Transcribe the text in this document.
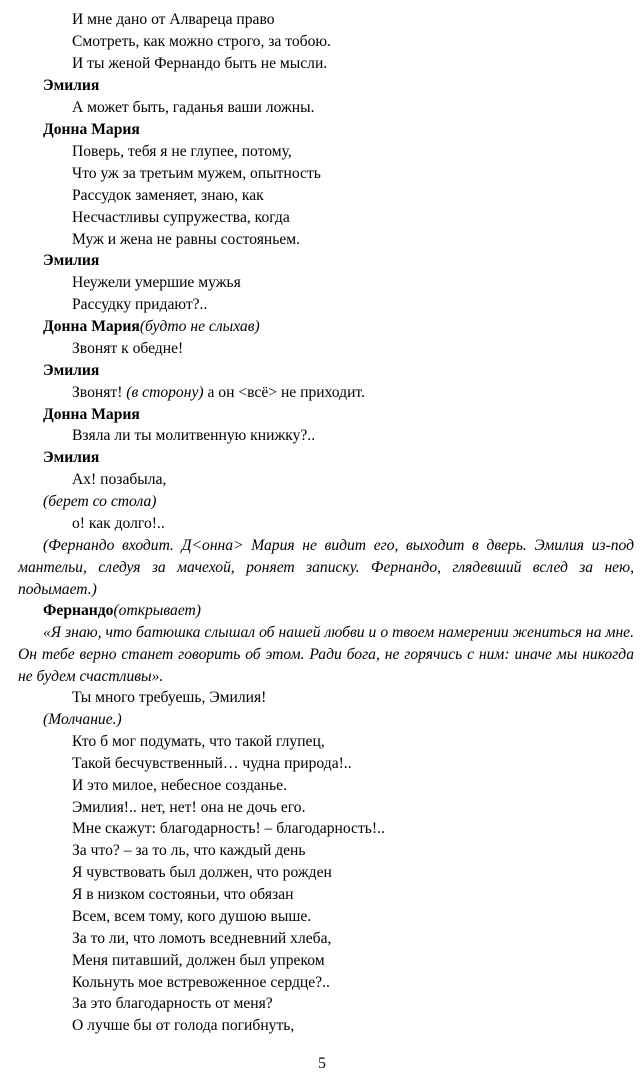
И мне дано от Алвареца право
Смотреть, как можно строго, за тобою.
И ты женой Фернандо быть не мысли.
Эмилия
А может быть, гаданья ваши ложны.
Донна Мария
Поверь, тебя я не глупее, потому,
Что уж за третьим мужем, опытность
Рассудок заменяет, знаю, как
Несчастливы супружества, когда
Муж и жена не равны состояньем.
Эмилия
Неужели умершие мужья
Рассудку придают?..
Донна Мария(будто не слыхав)
Звонят к обедне!
Эмилия
Звонят! (в сторону) а он <всё> не приходит.
Донна Мария
Взяла ли ты молитвенную книжку?..
Эмилия
Ах! позабыла,
(берет со стола)
о! как долго!..
(Фернандо входит. Д<онна> Мария не видит его, выходит в дверь. Эмилия из-под мантельи, следуя за мачехой, роняет записку. Фернандо, глядевший вслед за нею, подымает.)
Фернандо(открывает)
«Я знаю, что батюшка слышал об нашей любви и о твоем намерении жениться на мне. Он тебе верно станет говорить об этом. Ради бога, не горячись с ним: иначе мы никогда не будем счастливы».
Ты много требуешь, Эмилия!
(Молчание.)
Кто б мог подумать, что такой глупец,
Такой бесчувственный… чудна природа!..
И это милое, небесное созданье.
Эмилия!.. нет, нет! она не дочь его.
Мне скажут: благодарность! – благодарность!..
За что? – за то ль, что каждый день
Я чувствовать был должен, что рожден
Я в низком состояньи, что обязан
Всем, всем тому, кого душою выше.
За то ли, что ломоть вседневний хлеба,
Меня питавший, должен был упреком
Кольнуть мое встревоженное сердце?..
За это благодарность от меня?
О лучше бы от голода погибнуть,
5
